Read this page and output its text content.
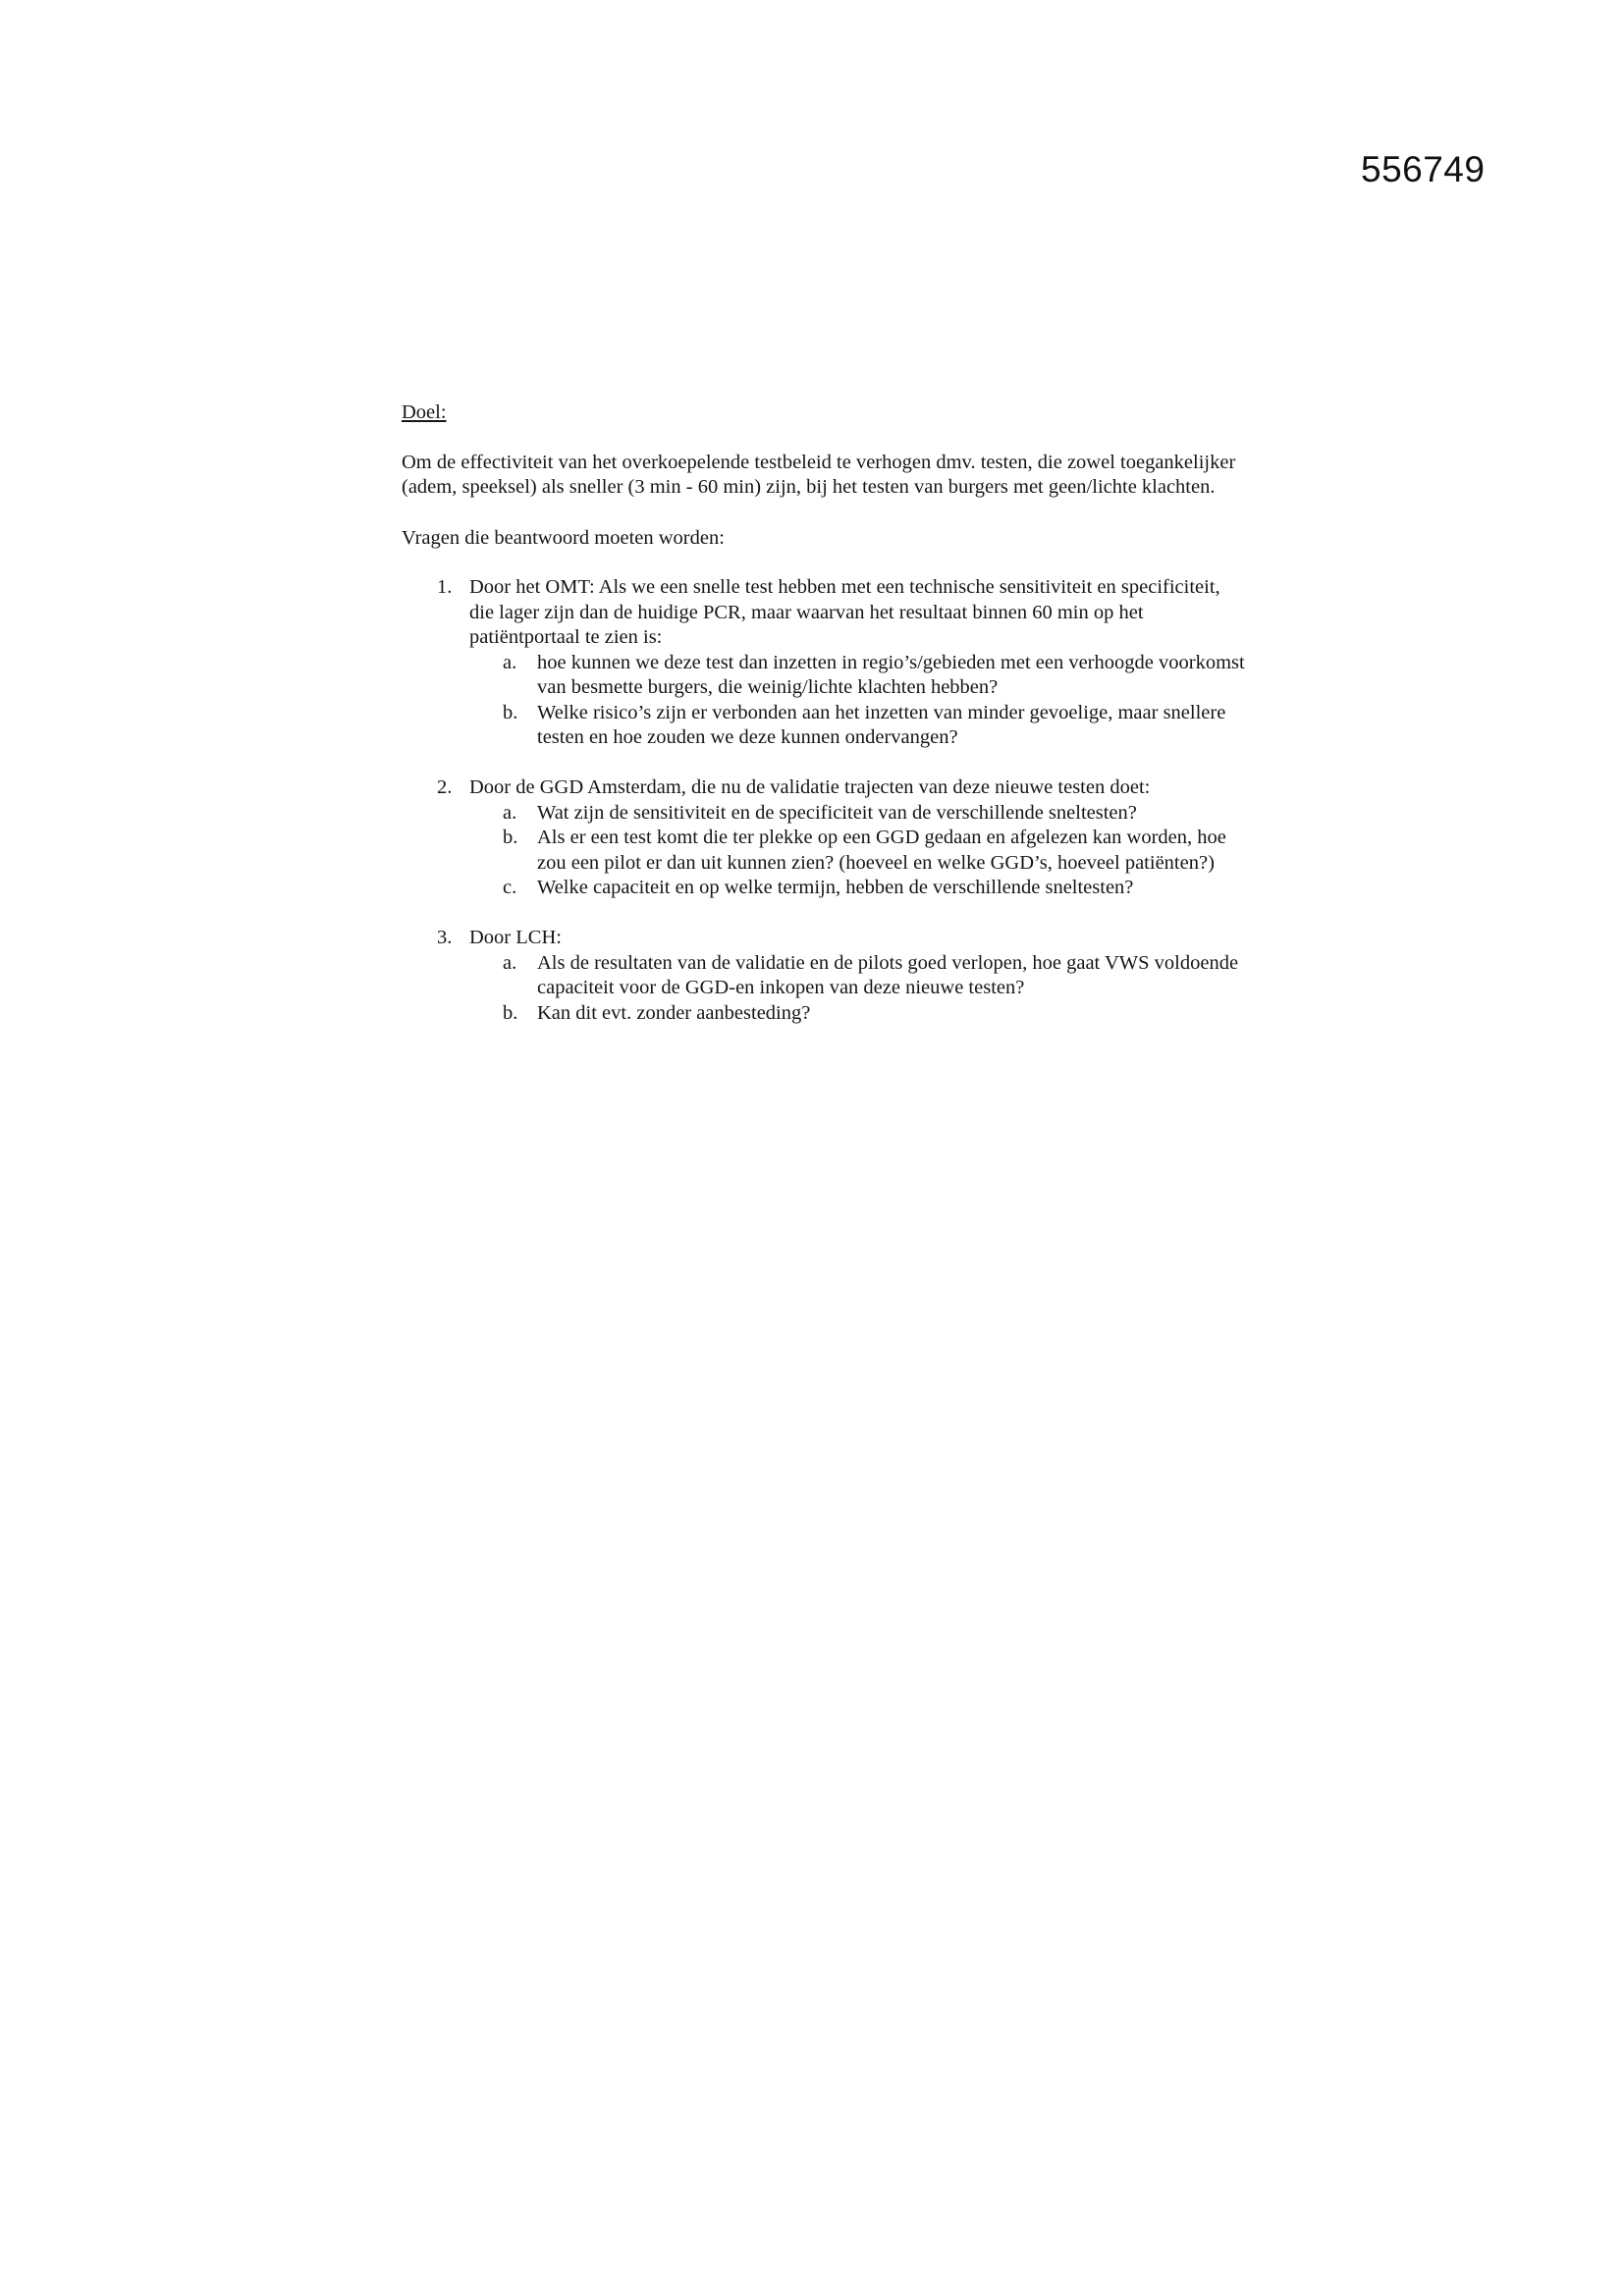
556749
Doel:
Om de effectiviteit van het overkoepelende testbeleid te verhogen dmv. testen, die zowel toegankelijker (adem, speeksel) als sneller (3 min - 60 min) zijn, bij het testen van burgers met geen/lichte klachten.
Vragen die beantwoord moeten worden:
1. Door het OMT: Als we een snelle test hebben met een technische sensitiviteit en specificiteit, die lager zijn dan de huidige PCR, maar waarvan het resultaat binnen 60 min op het patiëntportaal te zien is:
a. hoe kunnen we deze test dan inzetten in regio’s/gebieden met een verhoogde voorkomst van besmette burgers, die weinig/lichte klachten hebben?
b. Welke risico’s zijn er verbonden aan het inzetten van minder gevoelige, maar snellere testen en hoe zouden we deze kunnen ondervangen?
2. Door de GGD Amsterdam, die nu de validatie trajecten van deze nieuwe testen doet:
a. Wat zijn de sensitiviteit en de specificiteit van de verschillende sneltesten?
b. Als er een test komt die ter plekke op een GGD gedaan en afgelezen kan worden, hoe zou een pilot er dan uit kunnen zien? (hoeveel en welke GGD’s, hoeveel patiënten?)
c. Welke capaciteit en op welke termijn, hebben de verschillende sneltesten?
3. Door LCH:
a. Als de resultaten van de validatie en de pilots goed verlopen, hoe gaat VWS voldoende capaciteit voor de GGD-en inkopen van deze nieuwe testen?
b. Kan dit evt. zonder aanbesteding?
